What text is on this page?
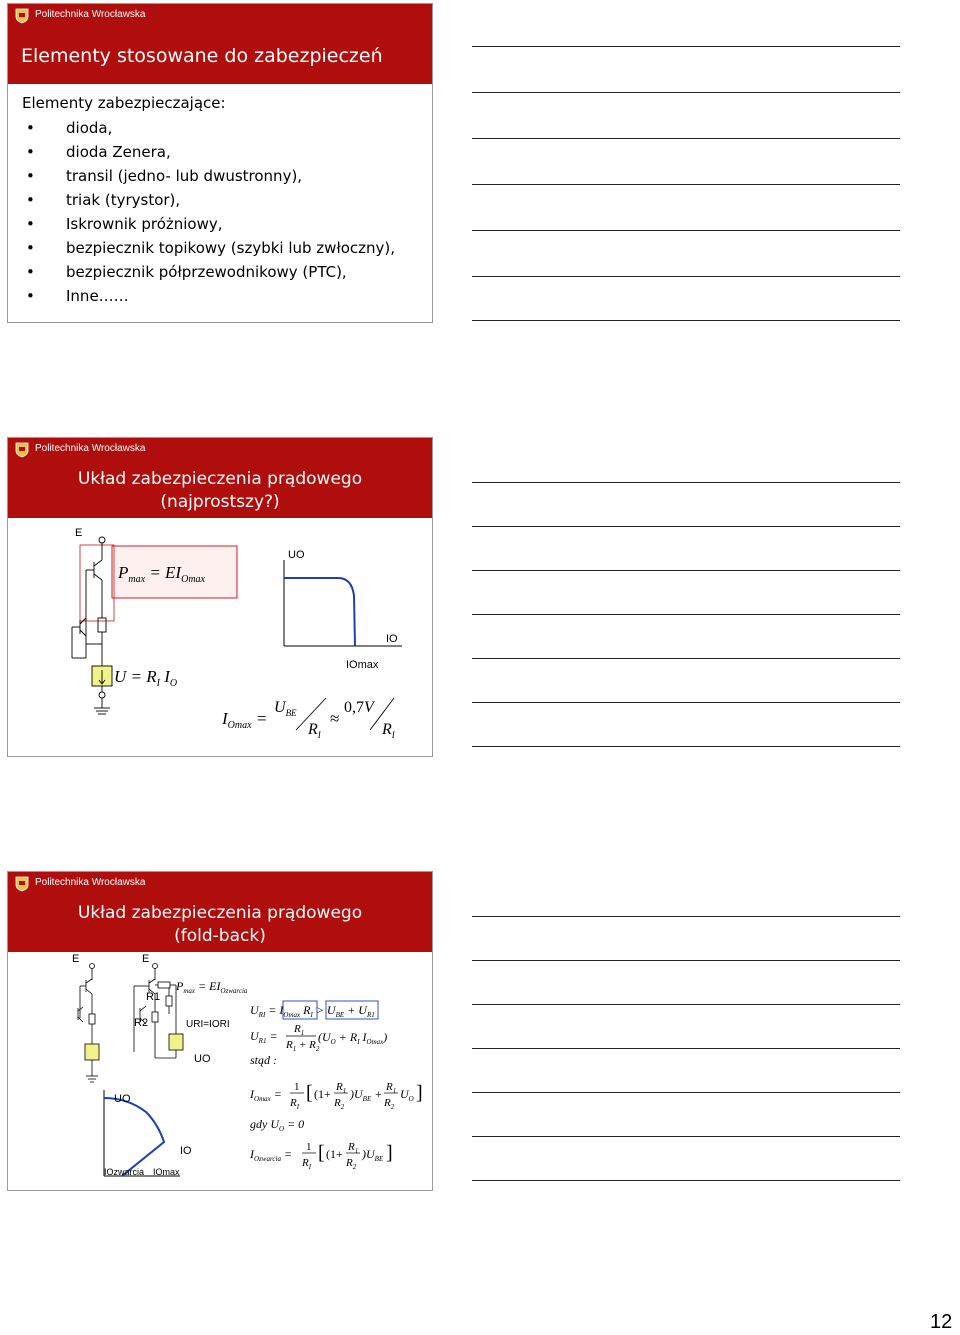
Politechnika Wrocławska
Elementy stosowane do zabezpieczeń
Elementy zabezpieczające:
• dioda,
• dioda Zenera,
• transil (jedno- lub dwustronny),
• triak (tyrystor),
• Iskrownik próżniowy,
• bezpiecznik topikowy (szybki lub zwłoczny),
• bezpiecznik półprzewodnikowy (PTC),
• Inne……
Politechnika Wrocławska
Układ zabezpieczenia prądowego
(najprostszy?)
E
$P_{max} = EI_O\max$
$U = R_I$ $I_O$
$I_O\max$ =
$U_{BE}$
$R_I$
≈
0,7V
$R_I$
UO
IO
IOmax
Politechnika Wrocławska
Układ zabezpieczenia prądowego
(fold-back)
E	E
R1
R2	URI=IORI
UO
$P_{max} = EI_{Ozwarcia}$
UO
IO
IOzwarcia IOmax
$U_{RI} = I_O\max$ $R_I > U_{BE} + U_{R1}$
$U_{R1} = R_1$
$R_1 + R_2$
($U_O + R_I$ $I_O\max$)
stąd :
$I_O\max = 1$
$R_I$
[ ($1+ R_1$
$R_2$
)$U_{BE} + R_1$
$R_2$
$U_O$ ]
gdy $U_O = 0$
$I_{Ozwarcia} = 1$
$R_I$
[ ($1+ R_1$
$R_2$
)$U_{BE}$ ]
12
